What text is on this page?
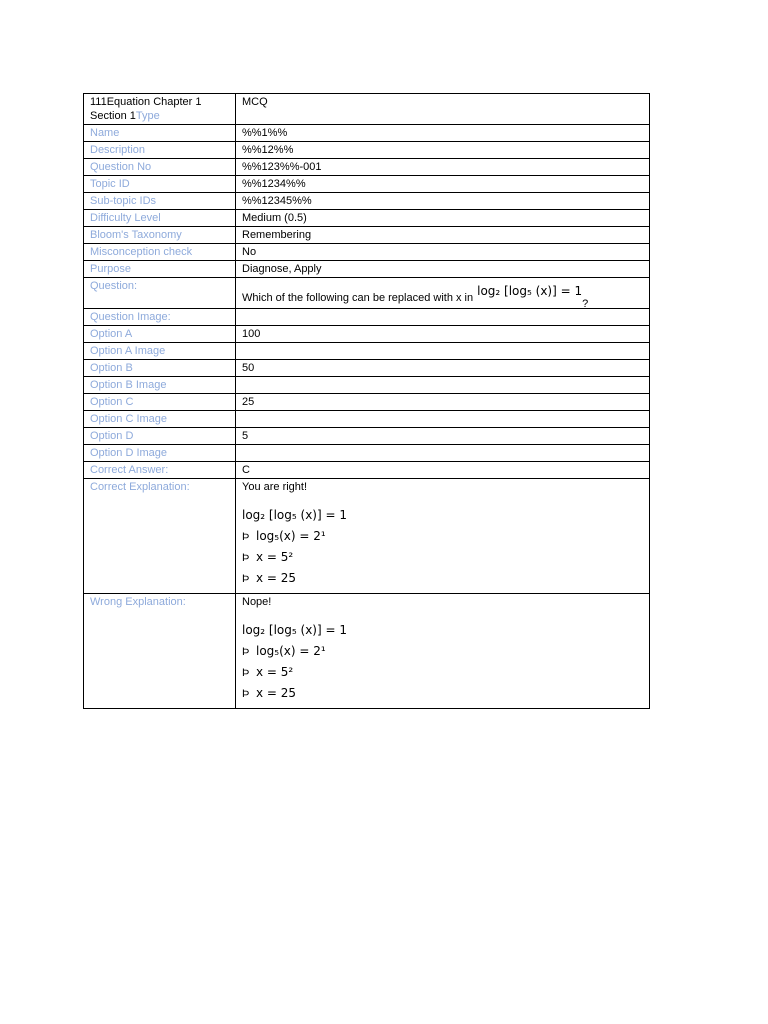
111Equation Chapter 1
Section 1Type	MCQ
Name	%%1%%
Description	%%12%%
Question No	%%123%%-001
Topic ID	%%1234%%
Sub-topic IDs	%%12345%%
Difficulty Level	Medium (0.5)
Bloom's Taxonomy	Remembering
Misconception check	No
Purpose	Diagnose, Apply
Question:	Which of the following can be replaced with x in log₂ [log₅ (x)] = 1?
Question Image:	
Option A	100
Option A Image	
Option B	50
Option B Image	
Option C	25
Option C Image	
Option D	5
Option D Image	
Correct Answer:	C
Correct Explanation:	You are right!
log₂ [log₅ (x)] = 1
Þ log₅(x) = 2¹
Þ x = 5²
Þ x = 25

Wrong Explanation:	Nope!
log₂ [log₅ (x)] = 1
Þ log₅(x) = 2¹
Þ x = 5²
Þ x = 25
